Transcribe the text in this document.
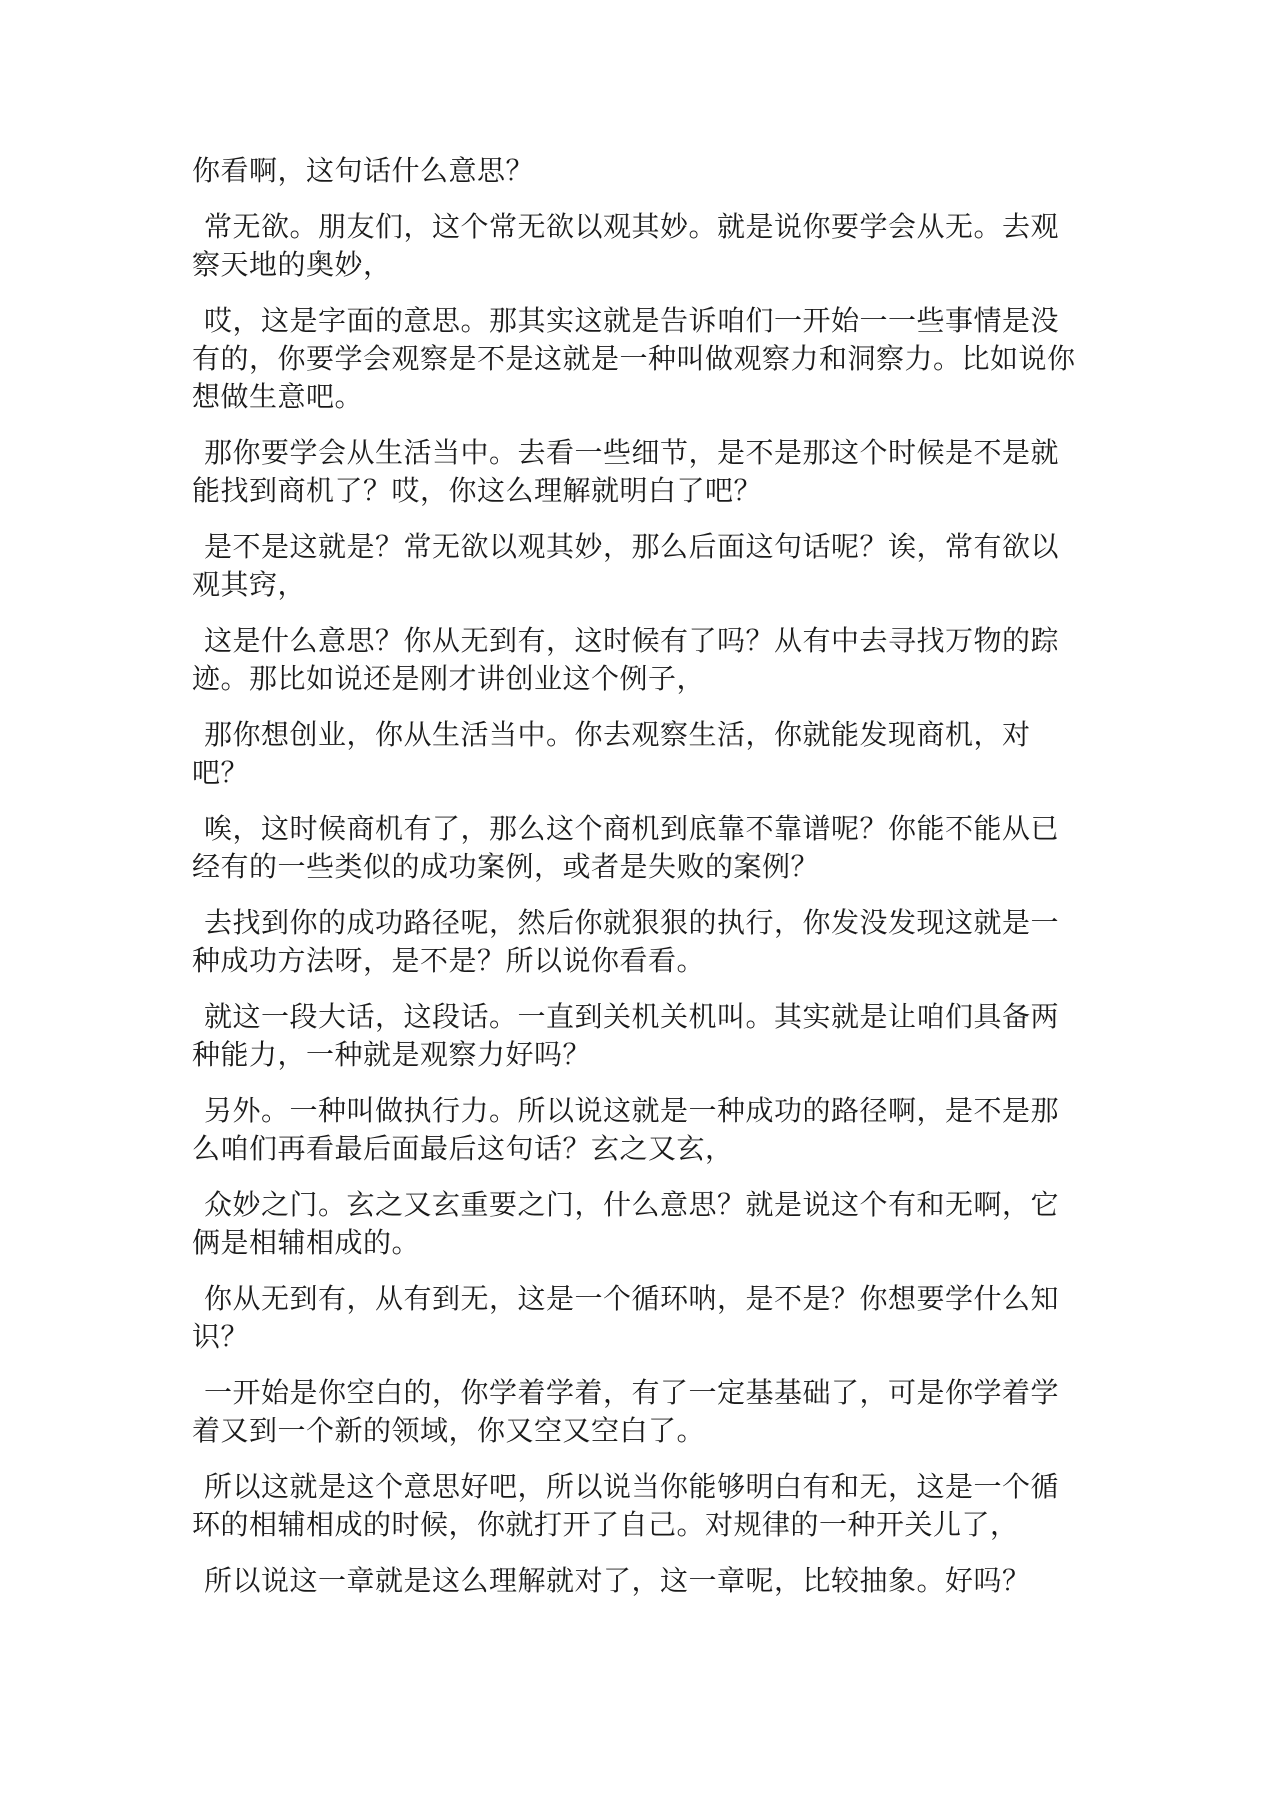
你看啊，这句话什么意思？

常无欲。朋友们，这个常无欲以观其妙。就是说你要学会从无。去观察天地的奥妙，

哎，这是字面的意思。那其实这就是告诉咱们一开始一一些事情是没有的，你要学会观察是不是这就是一种叫做观察力和洞察力。比如说你想做生意吧。

那你要学会从生活当中。去看一些细节，是不是那这个时候是不是就能找到商机了？哎，你这么理解就明白了吧？

是不是这就是？常无欲以观其妙，那么后面这句话呢？诶，常有欲以观其窍，

这是什么意思？你从无到有，这时候有了吗？从有中去寻找万物的踪迹。那比如说还是刚才讲创业这个例子，

那你想创业，你从生活当中。你去观察生活，你就能发现商机，对吧？

唉，这时候商机有了，那么这个商机到底靠不靠谱呢？你能不能从已经有的一些类似的成功案例，或者是失败的案例？

去找到你的成功路径呢，然后你就狠狠的执行，你发没发现这就是一种成功方法呀，是不是？所以说你看看。

就这一段大话，这段话。一直到关机关机叫。其实就是让咱们具备两种能力，一种就是观察力好吗？

另外。一种叫做执行力。所以说这就是一种成功的路径啊，是不是那么咱们再看最后面最后这句话？玄之又玄，

众妙之门。玄之又玄重要之门，什么意思？就是说这个有和无啊，它俩是相辅相成的。

你从无到有，从有到无，这是一个循环呐，是不是？你想要学什么知识？

一开始是你空白的，你学着学着，有了一定基基础了，可是你学着学着又到一个新的领域，你又空又空白了。

所以这就是这个意思好吧，所以说当你能够明白有和无，这是一个循环的相辅相成的时候，你就打开了自己。对规律的一种开关儿了，

所以说这一章就是这么理解就对了，这一章呢，比较抽象。好吗？
